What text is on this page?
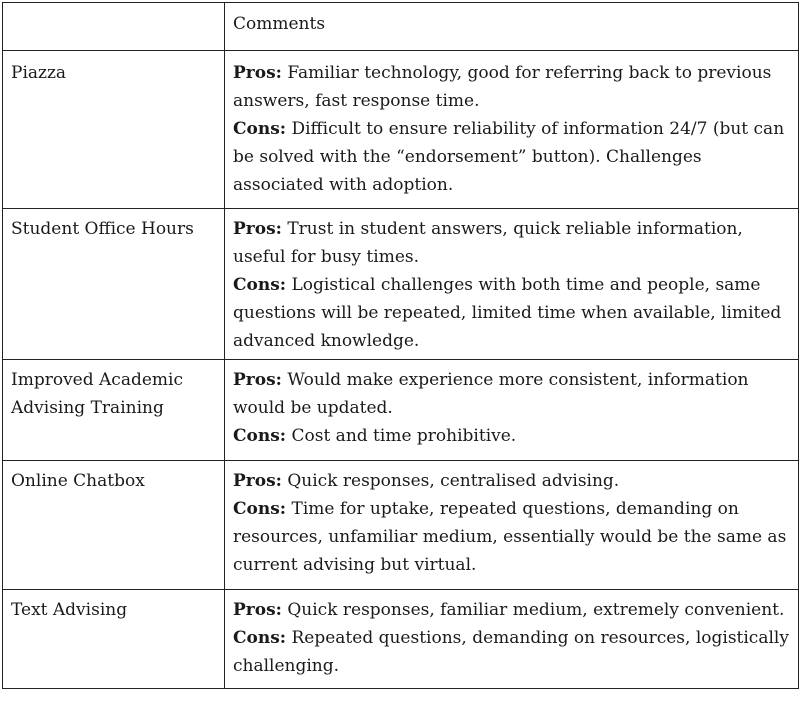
	Comments
Piazza	Pros: Familiar technology, good for referring back to previous answers, fast response time.
Cons: Difficult to ensure reliability of information 24/7 (but can be solved with the “endorsement” button). Challenges associated with adoption.

Student Office Hours	Pros: Trust in student answers, quick reliable information, useful for busy times.
Cons: Logistical challenges with both time and people, same questions will be repeated, limited time when available, limited advanced knowledge.

Improved Academic Advising Training	Pros: Would make experience more consistent, information would be updated.
Cons: Cost and time prohibitive.

Online Chatbox	Pros: Quick responses, centralised advising.
Cons: Time for uptake, repeated questions, demanding on resources, unfamiliar medium, essentially would be the same as current advising but virtual.

Text Advising	Pros: Quick responses, familiar medium, extremely convenient.
Cons: Repeated questions, demanding on resources, logistically challenging.
